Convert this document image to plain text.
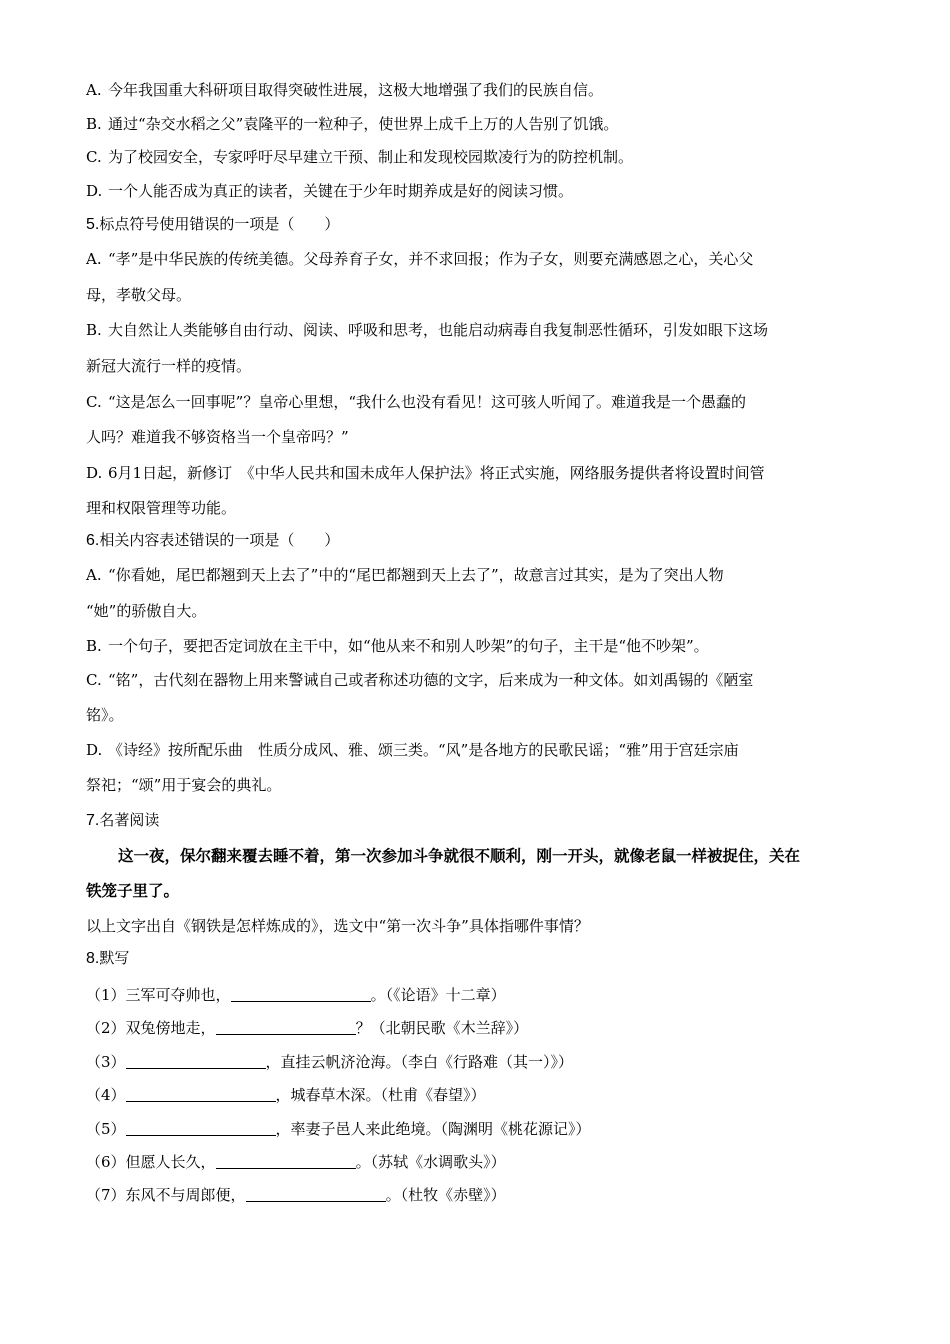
A. 今年我国重大科研项目取得突破性进展，这极大地增强了我们的民族自信。

B. 通过“杂交水稻之父”袁隆平的一粒种子，使世界上成千上万的人告别了饥饿。

C. 为了校园安全，专家呼吁尽早建立干预、制止和发现校园欺凌行为的防控机制。

D. 一个人能否成为真正的读者，关键在于少年时期养成是好的阅读习惯。

5.标点符号使用错误的一项是（　　）

A. “孝”是中华民族的传统美德。父母养育子女，并不求回报；作为子女，则要充满感恩之心，关心父

母，孝敬父母。

B. 大自然让人类能够自由行动、阅读、呼吸和思考，也能启动病毒自我复制恶性循环，引发如眼下这场

新冠大流行一样的疫情。

C. “这是怎么一回事呢”？皇帝心里想，“我什么也没有看见！这可骇人听闻了。难道我是一个愚蠢的

人吗？难道我不够资格当一个皇帝吗？”

D. 6月1日起，新修订　《中华人民共和国未成年人保护法》将正式实施，网络服务提供者将设置时间管

理和权限管理等功能。

6.相关内容表述错误的一项是（　　）

A. “你看她，尾巴都翘到天上去了”中的“尾巴都翘到天上去了”，故意言过其实，是为了突出人物

“她”的骄傲自大。

B. 一个句子，要把否定词放在主干中，如“他从来不和别人吵架”的句子，主干是“他不吵架”。

C. “铭”，古代刻在器物上用来警诫自己或者称述功德的文字，后来成为一种文体。如刘禹锡的《陋室

铭》。

D. 《诗经》按所配乐曲　性质分成风、雅、颂三类。“风”是各地方的民歌民谣；“雅”用于宫廷宗庙

祭祀；“颂”用于宴会的典礼。

7.名著阅读

这一夜，保尔翻来覆去睡不着，第一次参加斗争就很不顺利，刚一开头，就像老鼠一样被捉住，关在

铁笼子里了。

以上文字出自《钢铁是怎样炼成的》，选文中“第一次斗争”具体指哪件事情？

8.默写

（1）三军可夺帅也，	。（《论语》十二章）

（2）双兔傍地走，	？（北朝民歌《木兰辞》）

（3）	，直挂云帆济沧海。（李白《行路难（其一）》）

（4）	，城春草木深。（杜甫《春望》）

（5）	，率妻子邑人来此绝境。（陶渊明《桃花源记》）

（6）但愿人长久，	。（苏轼《水调歌头》）

（7）东风不与周郎便，	。（杜牧《赤壁》）
